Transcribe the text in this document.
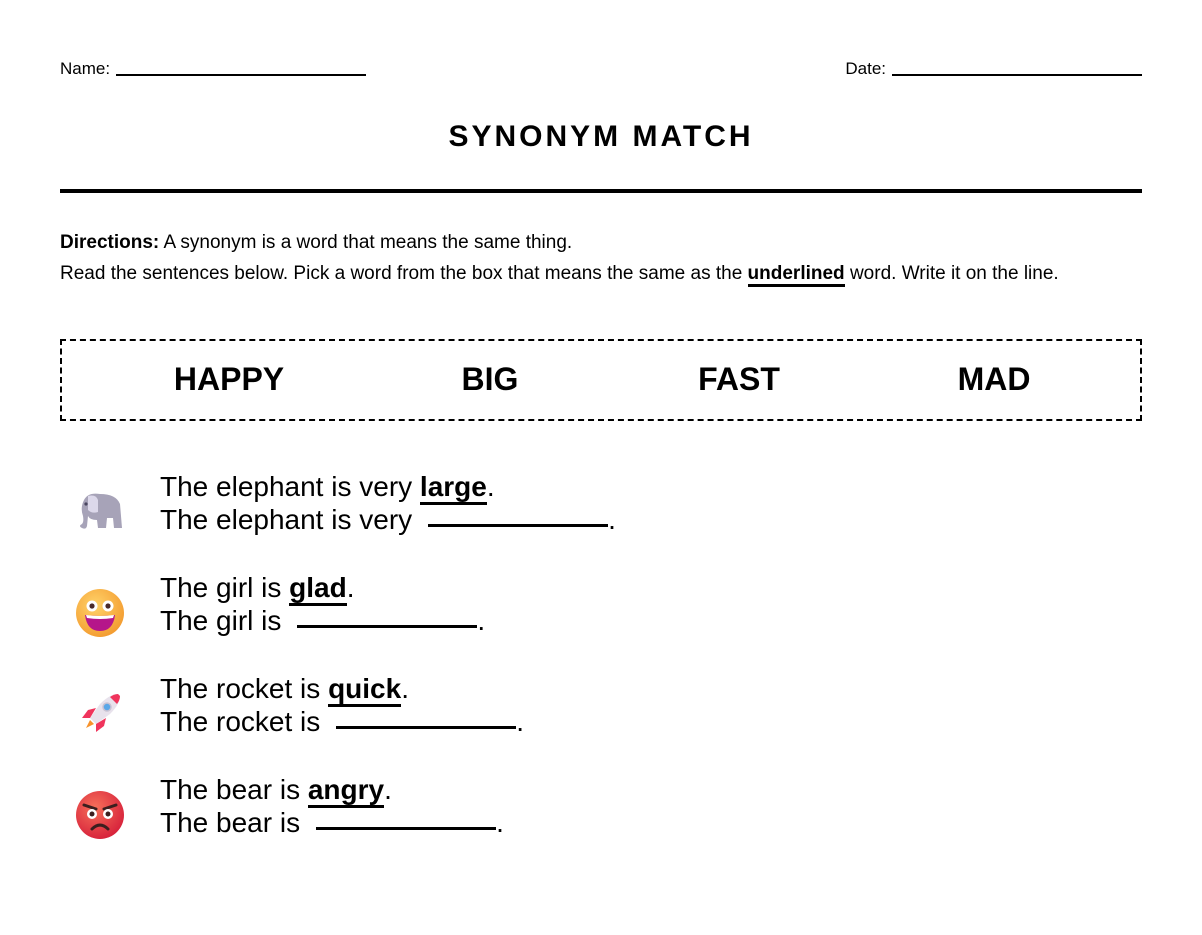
Name:	Date:
SYNONYM MATCH
Directions: A synonym is a word that means the same thing.
Read the sentences below. Pick a word from the box that means the same as the underlined word. Write it on the line.
HAPPY	BIG	FAST	MAD
The elephant is very large.
The elephant is very	.
The girl is glad.
The girl is	.
The rocket is quick.
The rocket is	.
The bear is angry.
The bear is	.
